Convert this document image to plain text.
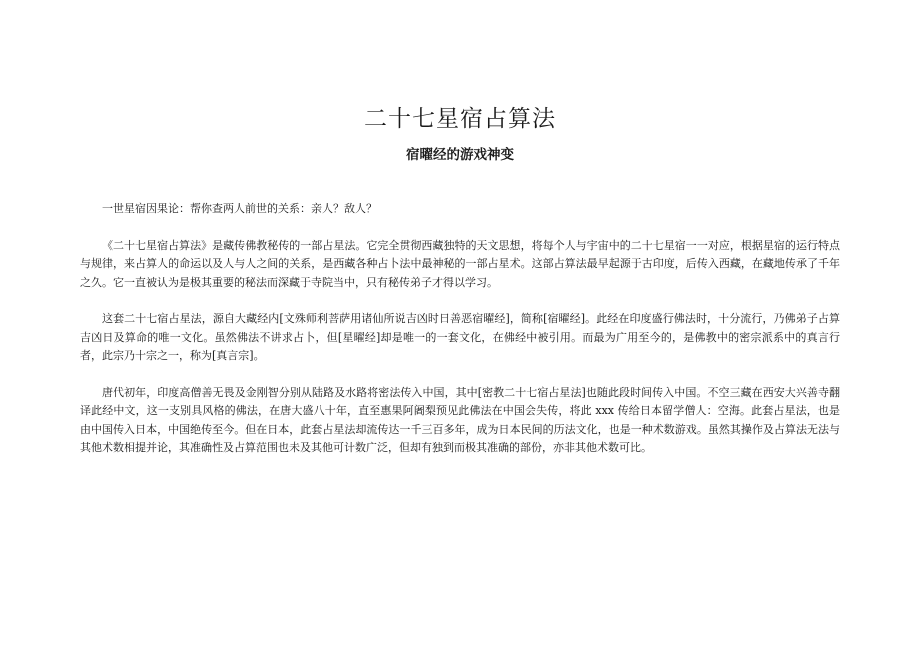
二十七星宿占算法
宿曜经的游戏神变

一世星宿因果论：帮你查两人前世的关系：亲人？敌人？

《二十七星宿占算法》是藏传佛教秘传的一部占星法。它完全贯彻西藏独特的天文思想，将每个人与宇宙中的二十七星宿一一对应，根据星宿的运行特点与规律，来占算人的命运以及人与人之间的关系，是西藏各种占卜法中最神秘的一部占星术。这部占算法最早起源于古印度，后传入西藏，在藏地传承了千年之久。它一直被认为是极其重要的秘法而深藏于寺院当中，只有秘传弟子才得以学习。

这套二十七宿占星法，源自大藏经内[文殊师利菩萨用诸仙所说吉凶时日善恶宿曜经]，简称[宿曜经]。此经在印度盛行佛法时，十分流行，乃佛弟子占算吉凶日及算命的唯一文化。虽然佛法不讲求占卜，但[星曜经]却是唯一的一套文化，在佛经中被引用。而最为广用至今的，是佛教中的密宗派系中的真言行者，此宗乃十宗之一，称为[真言宗]。

唐代初年，印度高僧善无畏及金刚智分别从陆路及水路将密法传入中国，其中[密教二十七宿占星法]也随此段时间传入中国。不空三藏在西安大兴善寺翻译此经中文，这一支别具风格的佛法，在唐大盛八十年，直至惠果阿阇梨预见此佛法在中国会失传，将此 xxx 传给日本留学僧人：空海。此套占星法，也是由中国传入日本，中国绝传至今。但在日本，此套占星法却流传达一千三百多年，成为日本民间的历法文化，也是一种术数游戏。虽然其操作及占算法无法与其他术数相提并论，其准确性及占算范围也未及其他可计数广泛，但却有独到而极其准确的部份，亦非其他术数可比。
